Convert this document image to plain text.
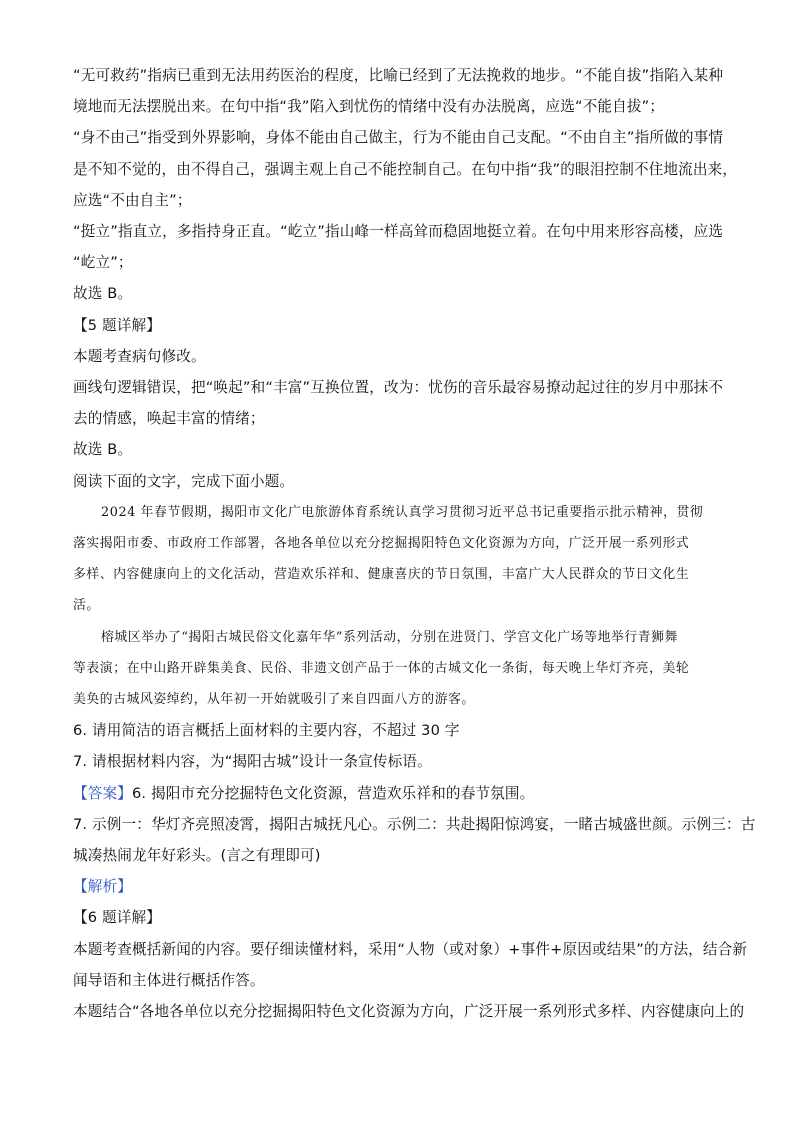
“无可救药”指病已重到无法用药医治的程度，比喻已经到了无法挽救的地步。“不能自拔”指陷入某种
境地而无法摆脱出来。在句中指“我”陷入到忧伤的情绪中没有办法脱离，应选“不能自拔”；
“身不由己”指受到外界影响，身体不能由自己做主，行为不能由自己支配。“不由自主”指所做的事情
是不知不觉的，由不得自己，强调主观上自己不能控制自己。在句中指“我”的眼泪控制不住地流出来，
应选“不由自主”；
“挺立”指直立，多指持身正直。“屹立”指山峰一样高耸而稳固地挺立着。在句中用来形容高楼，应选
“屹立”；
故选 B。
【5 题详解】
本题考查病句修改。
画线句逻辑错误，把“唤起”和“丰富”互换位置，改为：忧伤的音乐最容易撩动起过往的岁月中那抹不
去的情感，唤起丰富的情绪；
故选 B。
阅读下面的文字，完成下面小题。
2024 年春节假期，揭阳市文化广电旅游体育系统认真学习贯彻习近平总书记重要指示批示精神，贯彻
落实揭阳市委、市政府工作部署，各地各单位以充分挖掘揭阳特色文化资源为方向，广泛开展一系列形式
多样、内容健康向上的文化活动，营造欢乐祥和、健康喜庆的节日氛围，丰富广大人民群众的节日文化生
活。
榕城区举办了“揭阳古城民俗文化嘉年华”系列活动，分别在进贤门、学宫文化广场等地举行青狮舞
等表演；在中山路开辟集美食、民俗、非遗文创产品于一体的古城文化一条街，每天晚上华灯齐亮，美轮
美奂的古城风姿绰约，从年初一开始就吸引了来自四面八方的游客。
6. 请用简洁的语言概括上面材料的主要内容，不超过 30 字
7. 请根据材料内容，为“揭阳古城”设计一条宣传标语。
【答案】6. 揭阳市充分挖掘特色文化资源，营造欢乐祥和的春节氛围。
7. 示例一：华灯齐亮照凌霄，揭阳古城抚凡心。示例二：共赴揭阳惊鸿宴，一睹古城盛世颜。示例三：古
城凑热闹龙年好彩头。(言之有理即可)
【解析】
【6 题详解】
本题考查概括新闻的内容。要仔细读懂材料，采用“人物（或对象）+事件+原因或结果”的方法，结合新
闻导语和主体进行概括作答。
本题结合“各地各单位以充分挖掘揭阳特色文化资源为方向，广泛开展一系列形式多样、内容健康向上的
